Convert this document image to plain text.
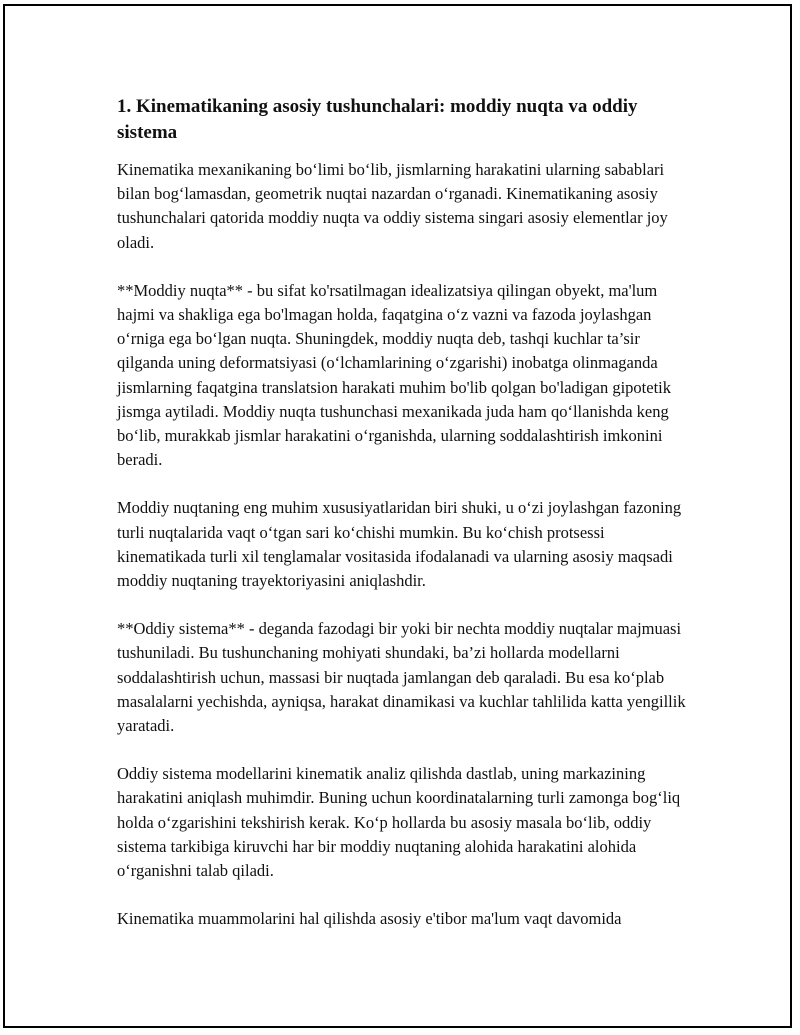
1. Kinematikaning asosiy tushunchalari: moddiy nuqta va oddiy sistema

Kinematika mexanikaning bo‘limi bo‘lib, jismlarning harakatini ularning sabablari bilan bog‘lamasdan, geometrik nuqtai nazardan o‘rganadi. Kinematikaning asosiy tushunchalari qatorida moddiy nuqta va oddiy sistema singari asosiy elementlar joy oladi.

**Moddiy nuqta** - bu sifat ko'rsatilmagan idealizatsiya qilingan obyekt, ma'lum hajmi va shakliga ega bo'lmagan holda, faqatgina o‘z vazni va fazoda joylashgan o‘rniga ega bo‘lgan nuqta. Shuningdek, moddiy nuqta deb, tashqi kuchlar ta’sir qilganda uning deformatsiyasi (o‘lchamlarining o‘zgarishi) inobatga olinmaganda jismlarning faqatgina translatsion harakati muhim bo'lib qolgan bo'ladigan gipotetik jismga aytiladi. Moddiy nuqta tushunchasi mexanikada juda ham qo‘llanishda keng bo‘lib, murakkab jismlar harakatini o‘rganishda, ularning soddalashtirish imkonini beradi.

Moddiy nuqtaning eng muhim xususiyatlaridan biri shuki, u o‘zi joylashgan fazoning turli nuqtalarida vaqt o‘tgan sari ko‘chishi mumkin. Bu ko‘chish protsessi kinematikada turli xil tenglamalar vositasida ifodalanadi va ularning asosiy maqsadi moddiy nuqtaning trayektoriyasini aniqlashdir.

**Oddiy sistema** - deganda fazodagi bir yoki bir nechta moddiy nuqtalar majmuasi tushuniladi. Bu tushunchaning mohiyati shundaki, ba’zi hollarda modellarni soddalashtirish uchun, massasi bir nuqtada jamlangan deb qaraladi. Bu esa ko‘plab masalalarni yechishda, ayniqsa, harakat dinamikasi va kuchlar tahlilida katta yengillik yaratadi.

Oddiy sistema modellarini kinematik analiz qilishda dastlab, uning markazining harakatini aniqlash muhimdir. Buning uchun koordinatalarning turli zamonga bog‘liq holda o‘zgarishini tekshirish kerak. Ko‘p hollarda bu asosiy masala bo‘lib, oddiy sistema tarkibiga kiruvchi har bir moddiy nuqtaning alohida harakatini alohida o‘rganishni talab qiladi.

Kinematika muammolarini hal qilishda asosiy e'tibor ma'lum vaqt davomida
